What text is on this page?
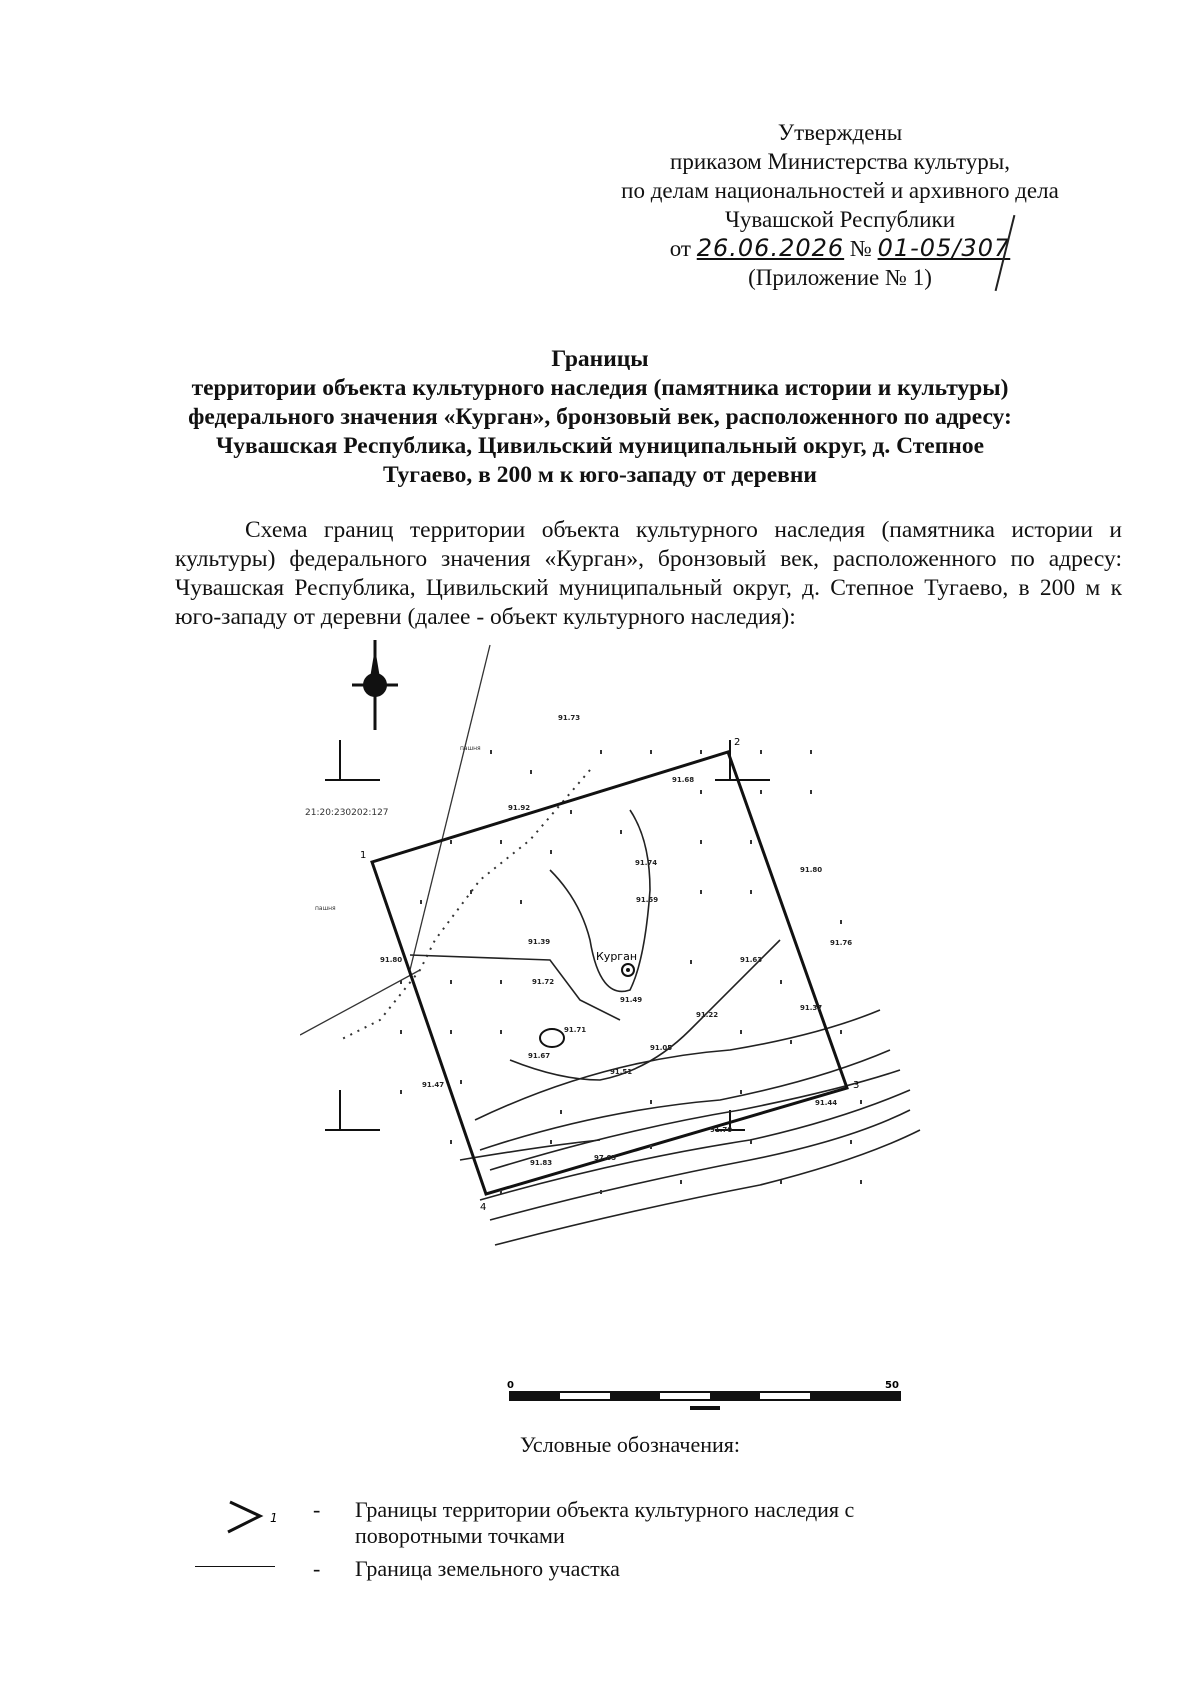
Утверждены
приказом Министерства культуры,
по делам национальностей и архивного дела
Чувашской Республики
от 26.06.2026 № 01-05/307
(Приложение № 1)
Границы
территории объекта культурного наследия (памятника истории и культуры)
федерального значения «Курган», бронзовый век, расположенного по адресу:
Чувашская Республика, Цивильский муниципальный округ, д. Степное
Тугаево, в 200 м к юго-западу от деревни
Схема границ территории объекта культурного наследия (памятника истории и культуры) федерального значения «Курган», бронзовый век, расположенного по адресу: Чувашская Республика, Цивильский муниципальный округ, д. Степное Тугаево, в 200 м к юго-западу от деревни (далее - объект культурного наследия):
1
2
3
4
21:20:230202:127
Курган
пашня
пашня
91.73
91.68
91.92
91.74
91.59
91.39
91.80
91.72
91.49
91.63
91.71
91.67
91.47
91.51
91.22
91.37
91.76
91.80
91.44
91.70
91.83
97.65
91.05
0	50
Условные обозначения:
1 - Границы территории объекта культурного наследия с
поворотными точками
- Граница земельного участка
